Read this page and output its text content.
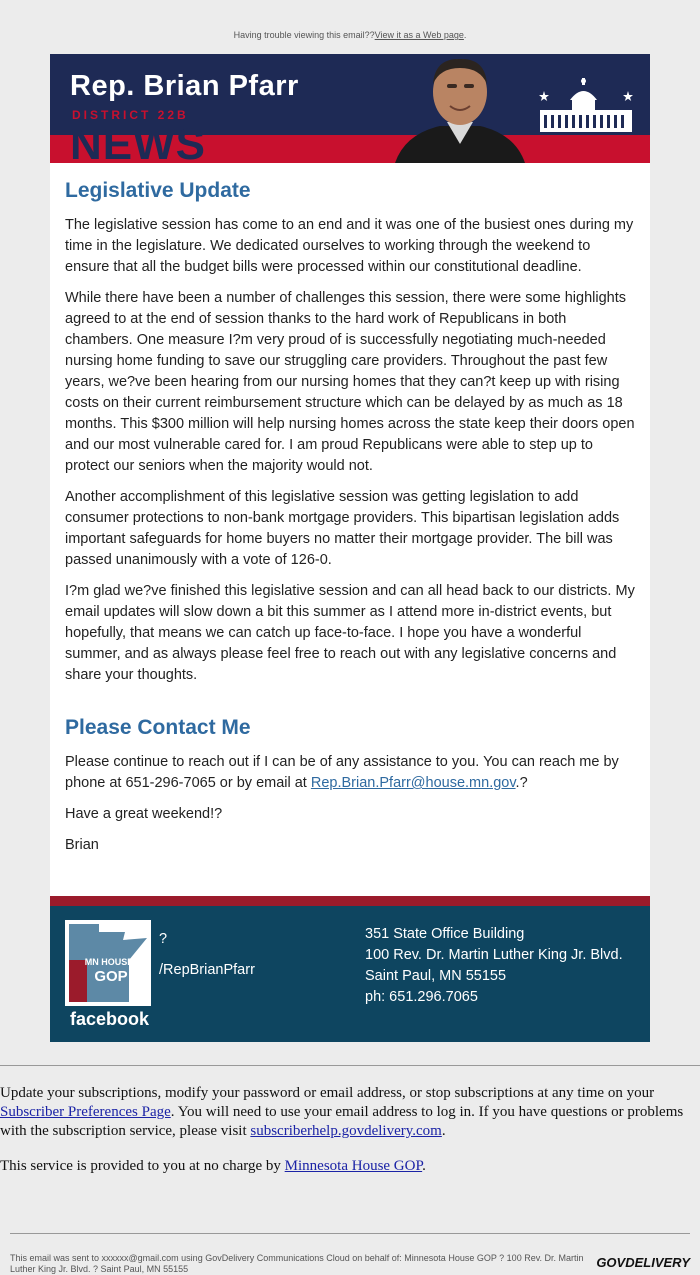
Having trouble viewing this email??View it as a Web page.
Rep. Brian Pfarr
DISTRICT 22B
NEWS
Legislative Update

The legislative session has come to an end and it was one of the busiest ones during my time in the legislature. We dedicated ourselves to working through the weekend to ensure that all the budget bills were processed within our constitutional deadline.

While there have been a number of challenges this session, there were some highlights agreed to at the end of session thanks to the hard work of Republicans in both chambers. One measure I?m very proud of is successfully negotiating much-needed nursing home funding to save our struggling care providers. Throughout the past few years, we?ve been hearing from our nursing homes that they can?t keep up with rising costs on their current reimbursement structure which can be delayed by as much as 18 months. This $300 million will help nursing homes across the state keep their doors open and our most vulnerable cared for. I am proud Republicans were able to step up to protect our seniors when the majority would not.

Another accomplishment of this legislative session was getting legislation to add consumer protections to non-bank mortgage providers. This bipartisan legislation adds important safeguards for home buyers no matter their mortgage provider. The bill was passed unanimously with a vote of 126-0.

I?m glad we?ve finished this legislative session and can all head back to our districts. My email updates will slow down a bit this summer as I attend more in-district events, but hopefully, that means we can catch up face-to-face. I hope you have a wonderful summer, and as always please feel free to reach out with any legislative concerns and share your thoughts.

Please Contact Me

Please continue to reach out if I can be of any assistance to you. You can reach me by phone at 651-296-7065 or by email at Rep.Brian.Pfarr@house.mn.gov.?

Have a great weekend!?

Brian

MN HOUSE
GOP
facebook
?
/RepBrianPfarr
351 State Office Building
100 Rev. Dr. Martin Luther King Jr. Blvd.
Saint Paul, MN 55155
ph: 651.296.7065

Update your subscriptions, modify your password or email address, or stop subscriptions at any time on your Subscriber Preferences Page. You will need to use your email address to log in. If you have questions or problems with the subscription service, please visit subscriberhelp.govdelivery.com.

This service is provided to you at no charge by Minnesota House GOP.

This email was sent to xxxxxx@gmail.com using GovDelivery Communications Cloud on behalf of: Minnesota House GOP ? 100 Rev. Dr. Martin Luther King Jr. Blvd. ? Saint Paul, MN 55155	GOVDELIVERY
